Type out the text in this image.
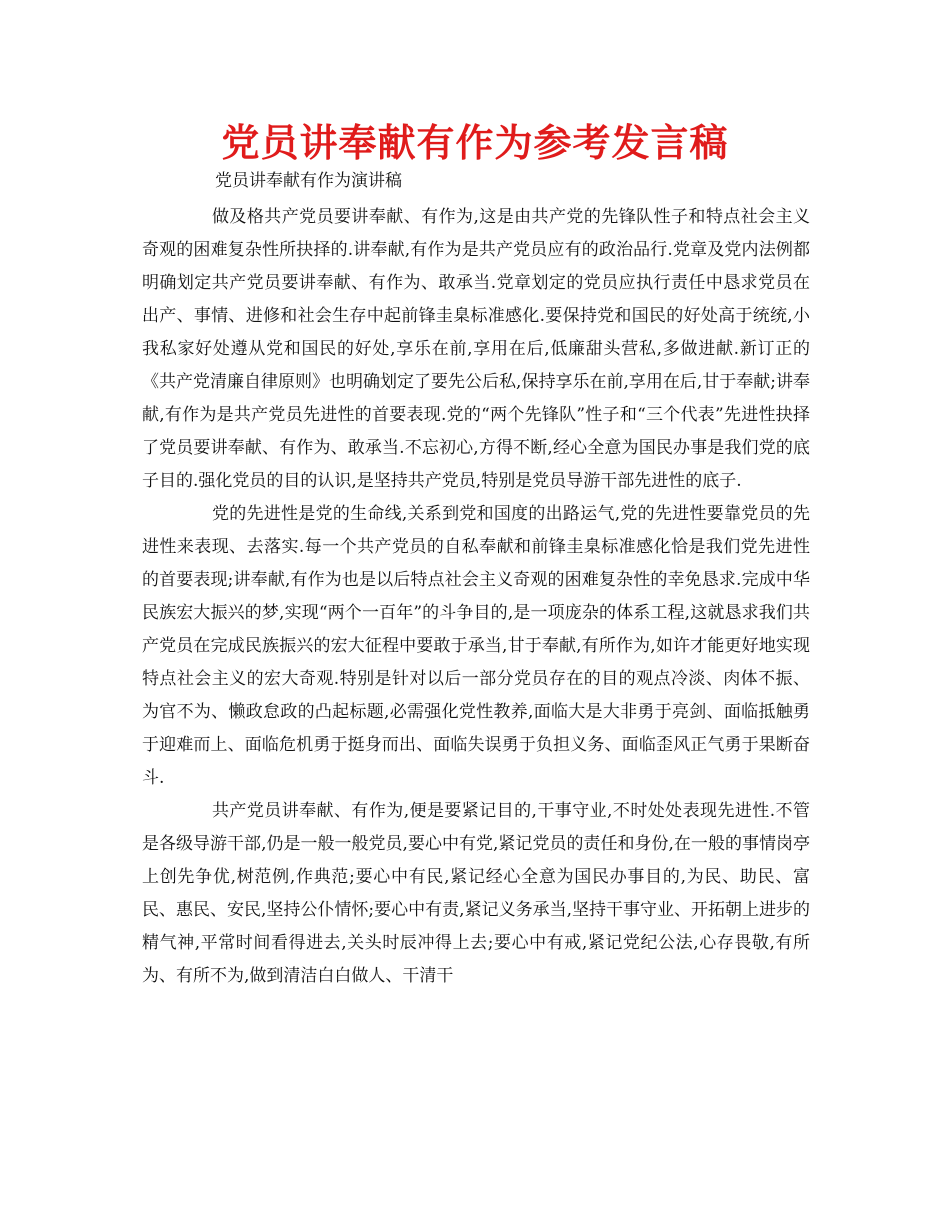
党员讲奉献有作为参考发言稿
党员讲奉献有作为演讲稿

做及格共产党员要讲奉献、有作为,这是由共产党的先锋队性子和特点社会主义奇观的困难复杂性所抉择的.讲奉献,有作为是共产党员应有的政治品行.党章及党内法例都明确划定共产党员要讲奉献、有作为、敢承当.党章划定的党员应执行责任中恳求党员在出产、事情、进修和社会生存中起前锋圭臬标准感化.要保持党和国民的好处高于统统,小我私家好处遵从党和国民的好处,享乐在前,享用在后,低廉甜头营私,多做进献.新订正的《共产党清廉自律原则》也明确划定了要先公后私,保持享乐在前,享用在后,甘于奉献;讲奉献,有作为是共产党员先进性的首要表现.党的“两个先锋队”性子和“三个代表”先进性抉择了党员要讲奉献、有作为、敢承当.不忘初心,方得不断,经心全意为国民办事是我们党的底子目的.强化党员的目的认识,是坚持共产党员,特别是党员导游干部先进性的底子.

党的先进性是党的生命线,关系到党和国度的出路运气,党的先进性要靠党员的先进性来表现、去落实.每一个共产党员的自私奉献和前锋圭臬标准感化恰是我们党先进性的首要表现;讲奉献,有作为也是以后特点社会主义奇观的困难复杂性的幸免恳求.完成中华民族宏大振兴的梦,实现“两个一百年”的斗争目的,是一项庞杂的体系工程,这就恳求我们共产党员在完成民族振兴的宏大征程中要敢于承当,甘于奉献,有所作为,如许才能更好地实现特点社会主义的宏大奇观.特别是针对以后一部分党员存在的目的观点冷淡、肉体不振、为官不为、懒政怠政的凸起标题,必需强化党性教养,面临大是大非勇于亮剑、面临抵触勇于迎难而上、面临危机勇于挺身而出、面临失误勇于负担义务、面临歪风正气勇于果断奋斗.

共产党员讲奉献、有作为,便是要紧记目的,干事守业,不时处处表现先进性.不管是各级导游干部,仍是一般一般党员,要心中有党,紧记党员的责任和身份,在一般的事情岗亭上创先争优,树范例,作典范;要心中有民,紧记经心全意为国民办事目的,为民、助民、富民、惠民、安民,坚持公仆情怀;要心中有责,紧记义务承当,坚持干事守业、开拓朝上进步的精气神,平常时间看得进去,关头时辰冲得上去;要心中有戒,紧记党纪公法,心存畏敬,有所为、有所不为,做到清洁白白做人、干清干
